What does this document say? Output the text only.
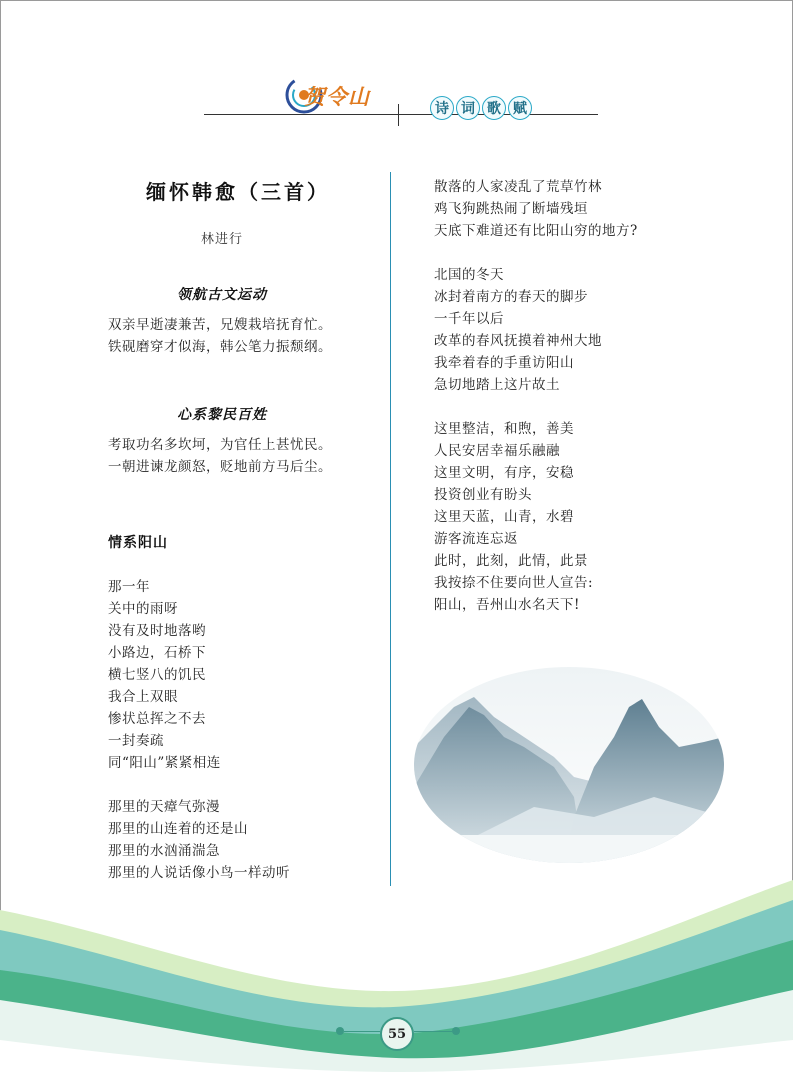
贺令山	诗 词 歌 赋
缅怀韩愈（三首）
林进行
领航古文运动
双亲早逝凄兼苦，兄嫂栽培抚育忙。
铁砚磨穿才似海，韩公笔力振颓纲。
心系黎民百姓
考取功名多坎坷，为官任上甚忧民。
一朝进谏龙颜怒，贬地前方马后尘。
情系阳山
那一年
关中的雨呀
没有及时地落哟
小路边，石桥下
横七竖八的饥民
我合上双眼
惨状总挥之不去
一封奏疏
同“阳山”紧紧相连
那里的天瘴气弥漫
那里的山连着的还是山
那里的水汹涌湍急
那里的人说话像小鸟一样动听
散落的人家凌乱了荒草竹林
鸡飞狗跳热闹了断墙残垣
天底下难道还有比阳山穷的地方?
北国的冬天
冰封着南方的春天的脚步
一千年以后
改革的春风抚摸着神州大地
我牵着春的手重访阳山
急切地踏上这片故土
这里整洁，和煦，善美
人民安居幸福乐融融
这里文明，有序，安稳
投资创业有盼头
这里天蓝，山青，水碧
游客流连忘返
此时，此刻，此情，此景
我按捺不住要向世人宣告:
阳山，吾州山水名天下!
55
